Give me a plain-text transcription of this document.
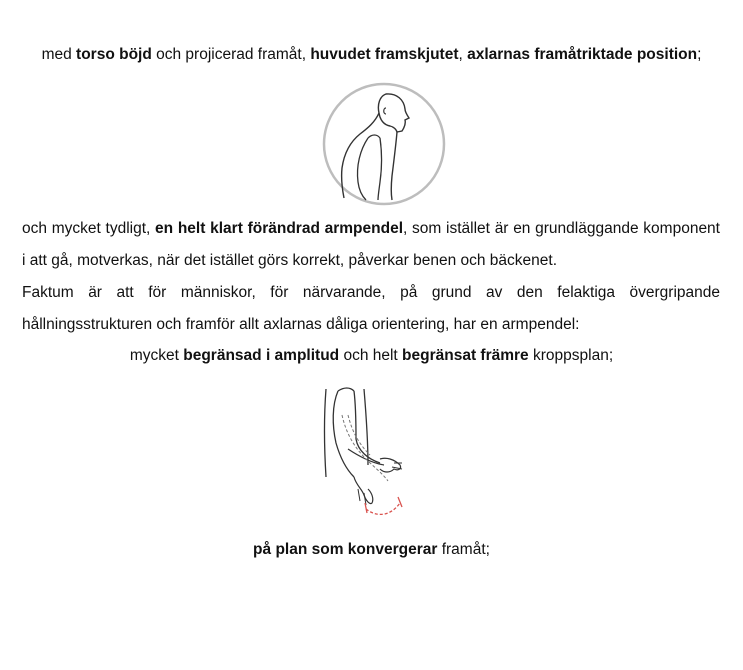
med torso böjd och projicerad framåt, huvudet framskjutet, axlarnas framåtriktade position;
och mycket tydligt, en helt klart förändrad armpendel, som istället är en grundläggande komponent
i att gå, motverkas, när det istället görs korrekt, påverkar benen och bäckenet.
Faktum är att för människor, för närvarande, på grund av den felaktiga övergripande
hållningsstrukturen och framför allt axlarnas dåliga orientering, har en armpendel:
mycket begränsad i amplitud och helt begränsat främre kroppsplan;
på plan som konvergerar framåt;
